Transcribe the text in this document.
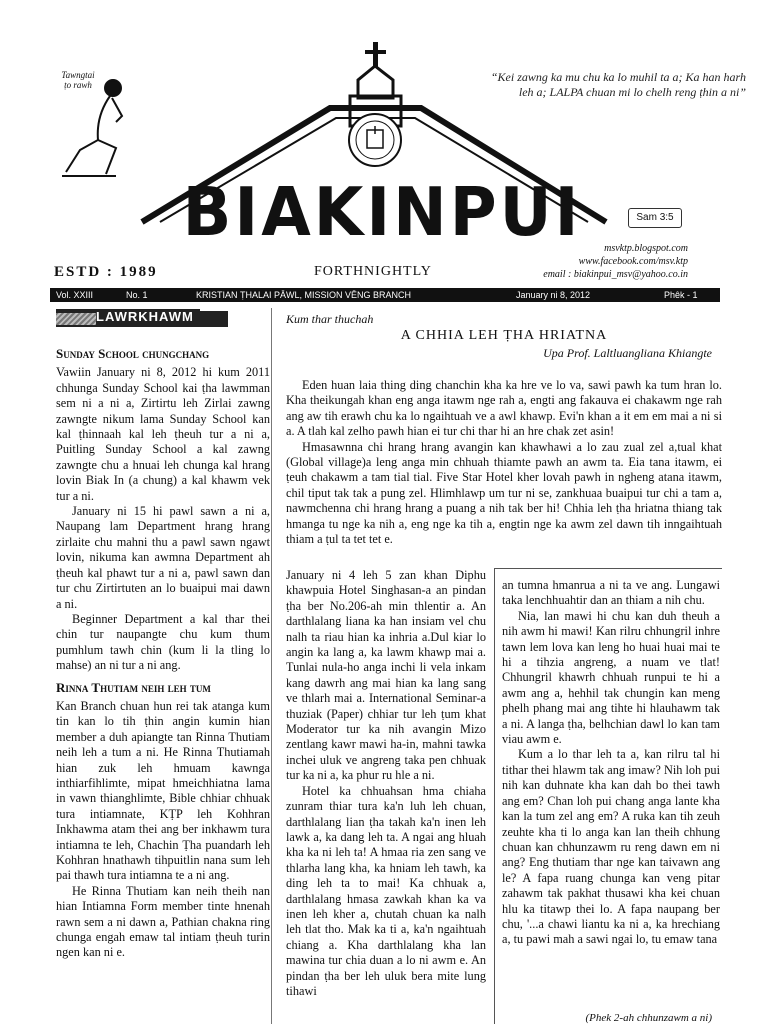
Tawngtai ṭo rawh
“Kei zawng ka mu chu ka lo muhil ta a; Ka han harh leh a; LALPA chuan mi lo chelh reng ṭhin a ni”
BIAKINPUI	Sam 3:5
msvktp.blogspot.com
www.facebook.com/msv.ktp
email : biakinpui_msv@yahoo.co.in
ESTD : 1989	FORTHNIGHTLY
Vol. XXIII	No. 1	KRISTIAN ṬHALAI PĀWL, MISSION VĒNG BRANCH	January ni 8, 2012	Phêk - 1
LAWRKHAWM

Sunday School chungchang

Vawiin January ni 8, 2012 hi kum 2011 chhunga Sunday School kai ṭha lawmman sem ni a ni a, Zirtirtu leh Zirlai zawng zawngte nikum lama Sunday School kan kal ṭhinnaah kal leh ṭheuh tur a ni a, Puitling Sunday School a kal zawng zawngte chu a hnuai leh chunga kal hrang lovin Biak In (a chung) a kal khawm vek tur a ni.

January ni 15 hi pawl sawn a ni a, Naupang lam Department hrang hrang zirlaite chu mahni thu a pawl sawn ngawt lovin, nikuma kan awmna Department ah ṭheuh kal phawt tur a ni a, pawl sawn dan tur chu Zirtirtuten an lo buaipui mai dawn a ni.

Beginner Department a kal thar thei chin tur naupangte chu kum thum pumhlum tawh chin (kum li la tling lo mahse) an ni tur a ni ang.

Rinna Thutiam neih leh tum

Kan Branch chuan hun rei tak atanga kum tin kan lo tih ṭhin angin kumin hian member a duh apiangte tan Rinna Thutiam neih leh a tum a ni. He Rinna Thutiamah hian zuk leh hmuam kawnga inthiarfihlimte, mipat hmeichhiatna lama in vawn thianghlimte, Bible chhiar chhuak tura intiamnate, KṬP leh Kohhran Inkhawma atam thei ang ber inkhawm tura intiamna te leh, Chachin Ṭha puandarh leh Kohhran hnathawh tihpuitlin nana sum leh pai thawh tura intiamna te a ni ang.

He Rinna Thutiam kan neih theih nan hian Intiamna Form member tinte hnenah rawn sem a ni dawn a, Pathian chakna ring chunga engah emaw tal intiam ṭheuh turin ngen kan ni e.

Kum thar thuchah
A CHHIA LEH ṬHA HRIATNA
Upa Prof. Laltluangliana Khiangte

Eden huan laia thing ding chanchin kha ka hre ve lo va, sawi pawh ka tum hran lo. Kha theikungah khan eng anga itawm nge rah a, engti ang fakauva ei chakawm nge rah ang aw tih erawh chu ka lo ngaihtuah ve a awl khawp. Evi'n khan a it em em mai a ni si a. A tlah kal zelho pawh hian ei tur chi thar hi an hre chak zet asin!

Hmasawnna chi hrang hrang avangin kan khawhawi a lo zau zual zel a,tual khat (Global village)a leng anga min chhuah thiamte pawh an awm ta. Eia tana itawm, ei ṭeuh chakawm a tam tial tial. Five Star Hotel kher lovah pawh in ngheng atana itawm, chil tiput tak tak a pung zel. Hlimhlawp um tur ni se, zankhuaa buaipui tur chi a tam a, nawmchenna chi hrang hrang a puang a nih tak ber hi! Chhia leh ṭha hriatna thiang tak hmanga tu nge ka nih a, eng nge ka tih a, engtin nge ka awm zel dawn tih inngaihtuah thiam a ṭul ta tet tet e.

January ni 4 leh 5 zan khan Diphu khawpuia Hotel Singhasan-a an pindan ṭha ber No.206-ah min thlentir a. An darthlalang liana ka han insiam vel chu nalh ta riau hian ka inhria a.Dul kiar lo angin ka lang a, ka lawm khawp mai a. Tunlai nula-ho anga inchi li vela inkam kang dawrh ang mai hian ka lang sang ve thlarh mai a. International Seminar-a thuziak (Paper) chhiar tur leh ṭum khat Moderator tur ka nih avangin Mizo zentlang kawr mawi ha-in, mahni tawka inchei uluk ve angreng taka pen chhuak tur ka ni a, ka phur ru hle a ni.

Hotel ka chhuahsan hma chiaha zunram thiar tura ka'n luh leh chuan, darthlalang lian ṭha takah ka'n inen leh lawk a, ka dang leh ta. A ngai ang hluah kha ka ni leh ta! A hmaa ria zen sang ve thlarha lang kha, ka hniam leh tawh, ka ding leh ta to mai! Ka chhuak a, darthlalang hmasa zawkah khan ka va inen leh kher a, chutah chuan ka nalh leh tlat tho. Mak ka ti a, ka'n ngaihtuah chiang a. Kha darthlalang kha lan mawina tur chia duan a lo ni awm e. An pindan ṭha ber leh uluk bera mite lung tihawi

an tumna hmanrua a ni ta ve ang. Lungawi taka lenchhuahtir dan an thiam a nih chu.

Nia, lan mawi hi chu kan duh theuh a nih awm hi mawi! Kan rilru chhungril inhre tawn lem lova kan leng ho huai huai mai te hi a tihzia angreng, a nuam ve tlat! Chhungril khawrh chhuah runpui te hi a awm ang a, hehhil tak chungin kan meng phelh phang mai ang tihte hi hlauhawm tak a ni. A langa ṭha, belhchian dawl lo kan tam viau awm e.

Kum a lo thar leh ta a, kan rilru tal hi tithar thei hlawm tak ang imaw? Nih loh pui nih kan duhnate kha kan dah bo thei tawh ang em? Chan loh pui chang anga lante kha kan la tum zel ang em? A ruka kan tih zeuh zeuhte kha ti lo anga kan lan theih chhung chuan kan chhunzawm ru reng dawn em ni ang? Eng thutiam thar nge kan taivawn ang le? A fapa ruang chunga kan veng pitar zahawm tak pakhat thusawi kha kei chuan hlu ka titawp thei lo. A fapa naupang ber chu, '...a chawi liantu ka ni a, ka hrechiang a, tu pawi mah a sawi ngai lo, tu emaw tana

(Phek 2-ah chhunzawm a ni)
